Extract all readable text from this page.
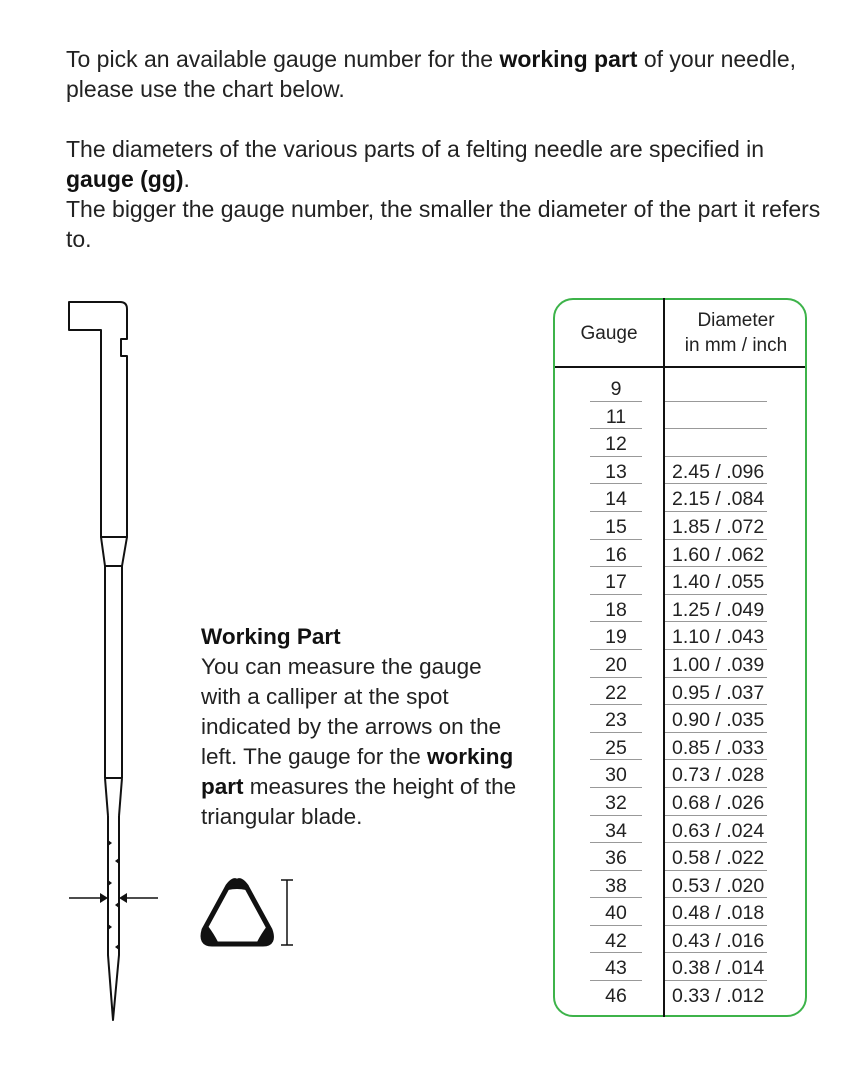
To pick an available gauge number for the working part of your needle, please use the chart below.

The diameters of the various parts of a felting needle are specified in gauge (gg).

The bigger the gauge number, the smaller the diameter of the part it refers to.

Working Part
You can measure the gauge with a calliper at the spot indicated by the arrows on the left. The gauge for the working part measures the height of the triangular blade.
Gauge
Diameter
in mm / inch
9
11
12
13	2.45 / .096
14	2.15 / .084
15	1.85 / .072
16	1.60 / .062
17	1.40 / .055
18	1.25 / .049
19	1.10 / .043
20	1.00 / .039
22	0.95 / .037
23	0.90 / .035
25	0.85 / .033
30	0.73 / .028
32	0.68 / .026
34	0.63 / .024
36	0.58 / .022
38	0.53 / .020
40	0.48 / .018
42	0.43 / .016
43	0.38 / .014
46	0.33 / .012
